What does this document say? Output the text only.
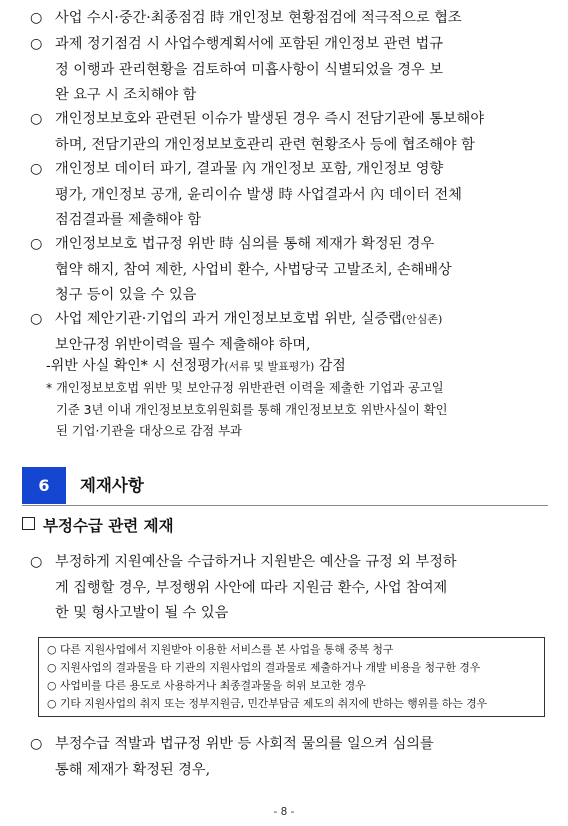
○ 사업 수시·중간·최종점검 時 개인정보 현황점검에 적극적으로 협조
○ 과제 정기점검 시 사업수행계획서에 포함된 개인정보 관련 법규
정 이행과 관리현황을 검토하여 미흡사항이 식별되었을 경우 보
완 요구 시 조치해야 함
○ 개인정보보호와 관련된 이슈가 발생된 경우 즉시 전담기관에 통보해야
하며, 전담기관의 개인정보보호관리 관련 현황조사 등에 협조해야 함
○ 개인정보 데이터 파기, 결과물 內 개인정보 포함, 개인정보 영향
평가, 개인정보 공개, 윤리이슈 발생 時 사업결과서 內 데이터 전체
점검결과를 제출해야 함
○ 개인정보보호 법규정 위반 時 심의를 통해 제재가 확정된 경우
협약 해지, 참여 제한, 사업비 환수, 사법당국 고발조치, 손해배상
청구 등이 있을 수 있음
○ 사업 제안기관·기업의 과거 개인정보보호법 위반, 실증랩(안심존)
보안규정 위반이력을 필수 제출해야 하며,
-위반 사실 확인* 시 선정평가(서류 및 발표평가) 감점
* 개인정보보호법 위반 및 보안규정 위반관련 이력을 제출한 기업과 공고일
기준 3년 이내 개인정보보호위원회를 통해 개인정보보호 위반사실이 확인
된 기업·기관을 대상으로 감점 부과
6	제재사항
부정수급 관련 제재
○ 부정하게 지원예산을 수급하거나 지원받은 예산을 규정 외 부정하
게 집행할 경우, 부정행위 사안에 따라 지원금 환수, 사업 참여제
한 및 형사고발이 될 수 있음
○ 다른 지원사업에서 지원받아 이용한 서비스를 본 사업을 통해 중복 청구
○ 지원사업의 결과물을 타 기관의 지원사업의 결과물로 제출하거나 개발 비용을 청구한 경우
○ 사업비를 다른 용도로 사용하거나 최종결과물을 허위 보고한 경우
○ 기타 지원사업의 취지 또는 정부지원금, 민간부담금 제도의 취지에 반하는 행위를 하는 경우
○ 부정수급 적발과 법규정 위반 등 사회적 물의를 일으켜 심의를
통해 제재가 확정된 경우,
- 8 -
